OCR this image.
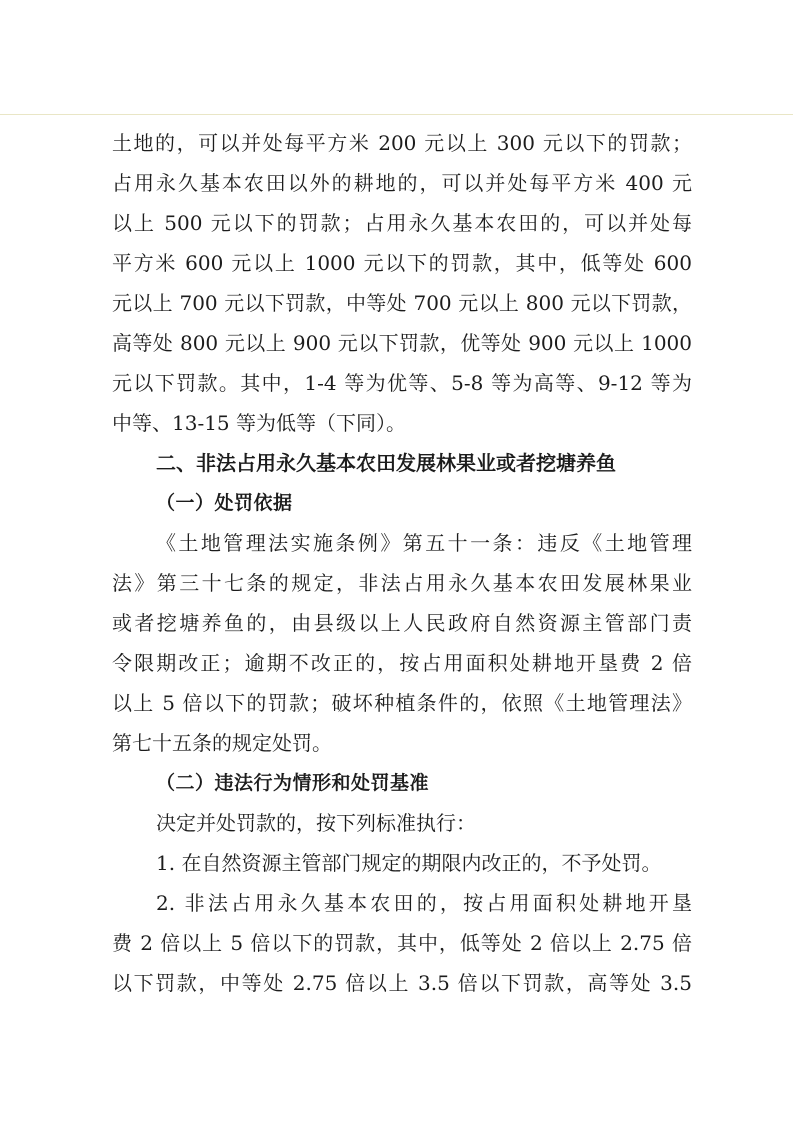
土地的，可以并处每平方米 200 元以上 300 元以下的罚款；
占用永久基本农田以外的耕地的，可以并处每平方米 400 元
以上 500 元以下的罚款；占用永久基本农田的，可以并处每
平方米 600 元以上 1000 元以下的罚款，其中，低等处 600
元以上 700 元以下罚款，中等处 700 元以上 800 元以下罚款，
高等处 800 元以上 900 元以下罚款，优等处 900 元以上 1000
元以下罚款。其中，1-4 等为优等、5-8 等为高等、9-12 等为
中等、13-15 等为低等（下同）。
二、非法占用永久基本农田发展林果业或者挖塘养鱼
（一）处罚依据
《土地管理法实施条例》第五十一条：违反《土地管理
法》第三十七条的规定，非法占用永久基本农田发展林果业
或者挖塘养鱼的，由县级以上人民政府自然资源主管部门责
令限期改正；逾期不改正的，按占用面积处耕地开垦费 2 倍
以上 5 倍以下的罚款；破坏种植条件的，依照《土地管理法》
第七十五条的规定处罚。
（二）违法行为情形和处罚基准
决定并处罚款的，按下列标准执行：
1. 在自然资源主管部门规定的期限内改正的，不予处罚。
2. 非法占用永久基本农田的，按占用面积处耕地开垦
费 2 倍以上 5 倍以下的罚款，其中，低等处 2 倍以上 2.75 倍
以下罚款，中等处 2.75 倍以上 3.5 倍以下罚款，高等处 3.5
